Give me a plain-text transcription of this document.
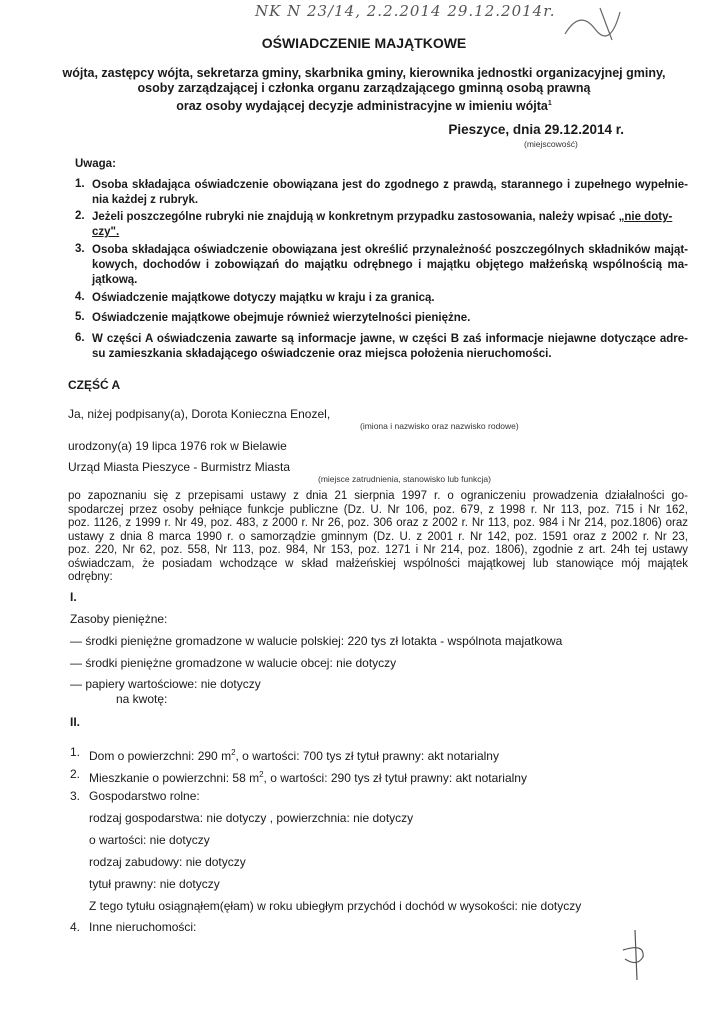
NK N 23/14, 2.2.2014 29.12.2014r.
OŚWIADCZENIE MAJĄTKOWE
wójta, zastępcy wójta, sekretarza gminy, skarbnika gminy, kierownika jednostki organizacyjnej gminy,
osoby zarządzającej i członka organu zarządzającego gminną osobą prawną
oraz osoby wydającej decyzje administracyjne w imieniu wójta$^1$
Pieszyce, dnia 29.12.2014 r.
(miejscowość)
Uwaga:
1. Osoba składająca oświadczenie obowiązana jest do zgodnego z prawdą, starannego i zupełnego wypełnie-
nia każdej z rubryk.
2. Jeżeli poszczególne rubryki nie znajdują w konkretnym przypadku zastosowania, należy wpisać „nie doty-
czy".
3. Osoba składająca oświadczenie obowiązana jest określić przynależność poszczególnych składników mająt-
kowych, dochodów i zobowiązań do majątku odrębnego i majątku objętego małżeńską wspólnością ma-
jątkową.
4. Oświadczenie majątkowe dotyczy majątku w kraju i za granicą.
5. Oświadczenie majątkowe obejmuje również wierzytelności pieniężne.
6. W części A oświadczenia zawarte są informacje jawne, w części B zaś informacje niejawne dotyczące adre-
su zamieszkania składającego oświadczenie oraz miejsca położenia nieruchomości.
CZĘŚĆ A
Ja, niżej podpisany(a), Dorota Konieczna Enozel,
(imiona i nazwisko oraz nazwisko rodowe)
urodzony(a) 19 lipca 1976 rok w Bielawie
Urząd Miasta Pieszyce - Burmistrz Miasta
(miejsce zatrudnienia, stanowisko lub funkcja)
po zapoznaniu się z przepisami ustawy z dnia 21 sierpnia 1997 r. o ograniczeniu prowadzenia działalności go-
spodarczej przez osoby pełniące funkcje publiczne (Dz. U. Nr 106, poz. 679, z 1998 r. Nr 113, poz. 715 i Nr 162,
poz. 1126, z 1999 r. Nr 49, poz. 483, z 2000 r. Nr 26, poz. 306 oraz z 2002 r. Nr 113, poz. 984 i Nr 214, poz.1806) oraz
ustawy z dnia 8 marca 1990 r. o samorządzie gminnym (Dz. U. z 2001 r. Nr 142, poz. 1591 oraz z 2002 r. Nr 23,
poz. 220, Nr 62, poz. 558, Nr 113, poz. 984, Nr 153, poz. 1271 i Nr 214, poz. 1806), zgodnie z art. 24h tej ustawy
oświadczam, że posiadam wchodzące w skład małżeńskiej wspólności majątkowej lub stanowiące mój majątek
odrębny:
I.
Zasoby pieniężne:
— środki pieniężne gromadzone w walucie polskiej: 220 tys zł lotakta - wspólnota majatkowa
— środki pieniężne gromadzone w walucie obcej: nie dotyczy
— papiery wartościowe: nie dotyczy
na kwotę:
II.
1. Dom o powierzchni: 290 $m^2$, o wartości: 700 tys zł tytuł prawny: akt notarialny
2. Mieszkanie o powierzchni: 58 $m^2$, o wartości: 290 tys zł tytuł prawny: akt notarialny
3. Gospodarstwo rolne:
rodzaj gospodarstwa: nie dotyczy , powierzchnia: nie dotyczy
o wartości: nie dotyczy
rodzaj zabudowy: nie dotyczy
tytuł prawny: nie dotyczy
Z tego tytułu osiągnąłem(ęłam) w roku ubiegłym przychód i dochód w wysokości: nie dotyczy
4. Inne nieruchomości:
